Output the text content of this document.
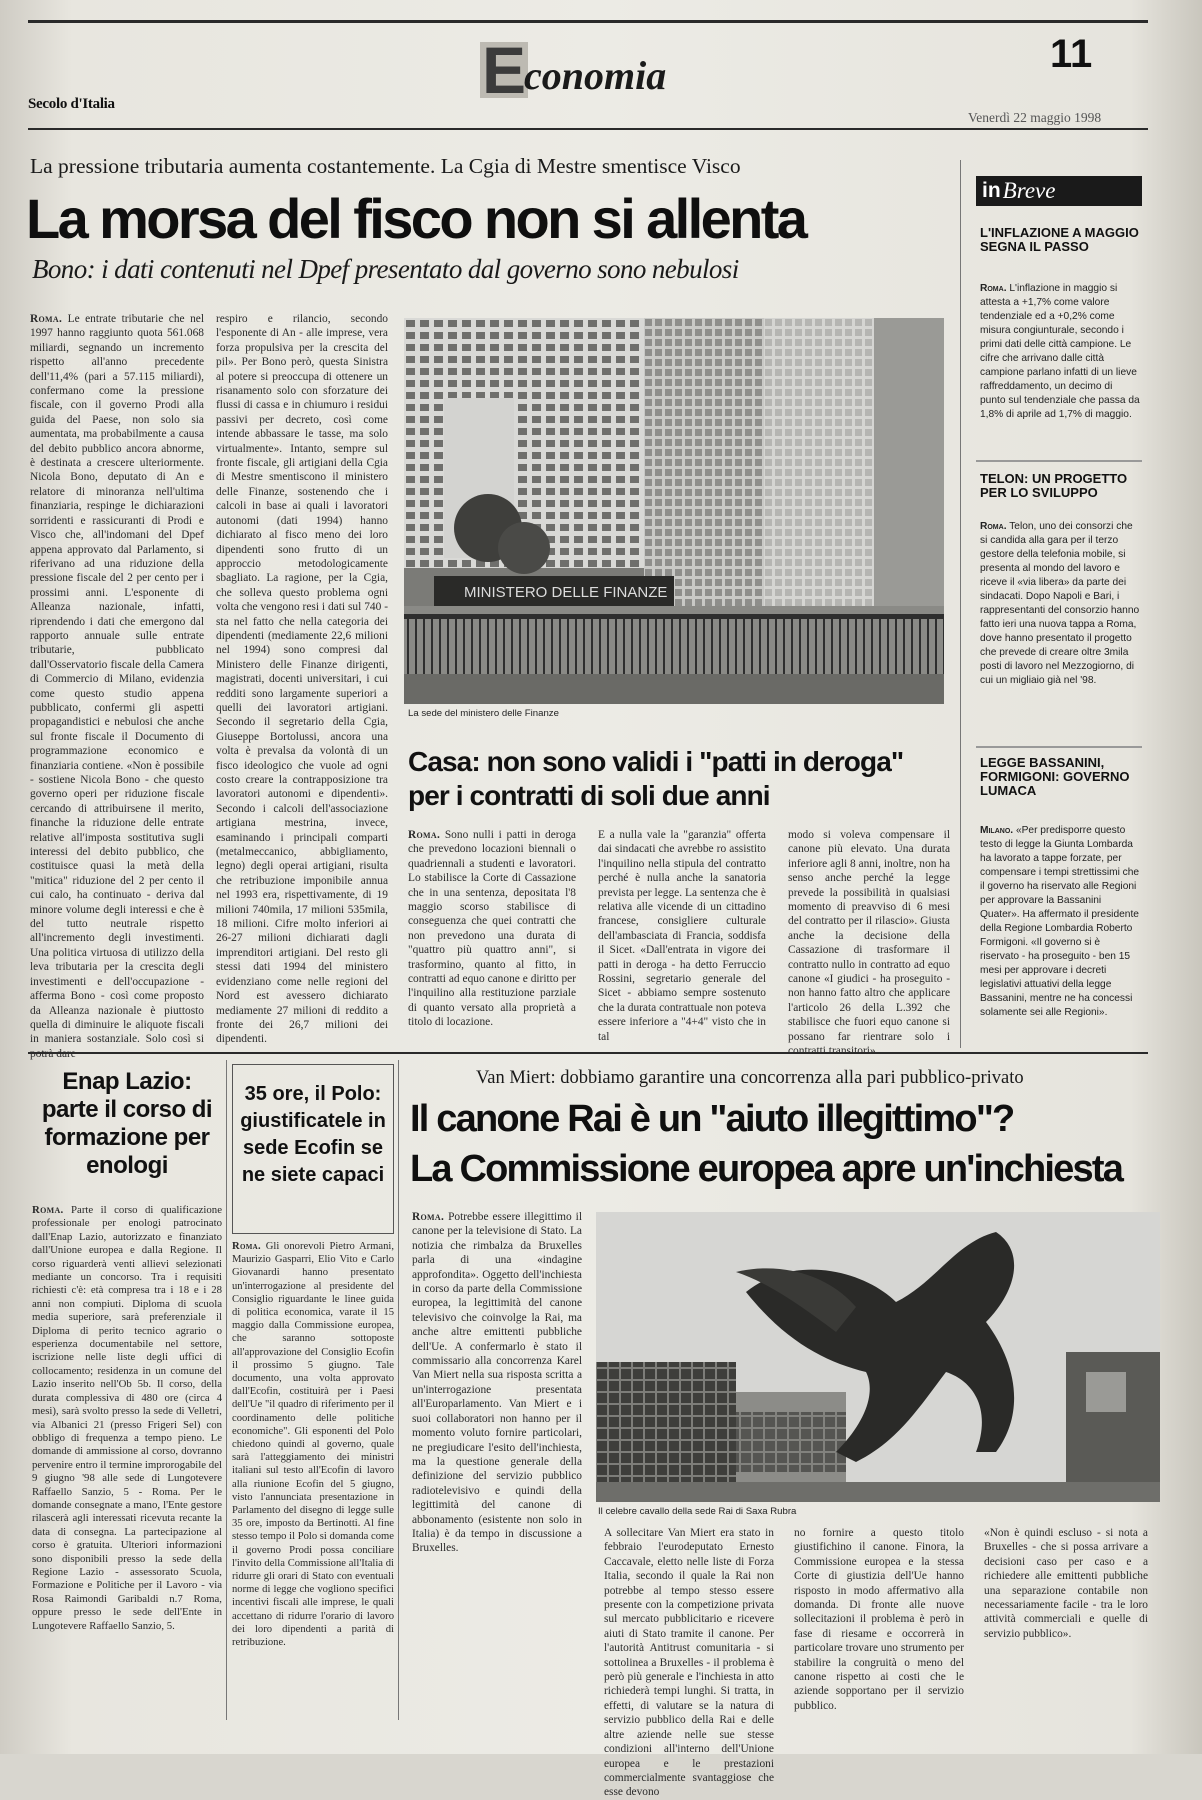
E
conomia	11
Secolo d'Italia
Venerdì 22 maggio 1998
La pressione tributaria aumenta costantemente. La Cgia di Mestre smentisce Visco
La morsa del fisco non si allenta
Bono: i dati contenuti nel Dpef presentato dal governo sono nebulosi

Roma. Le entrate tributarie che nel 1997 hanno raggiunto quota 561.068 miliardi, segnando un incremento rispetto all'anno precedente dell'11,4% (pari a 57.115 miliardi), confermano come la pressione fiscale, con il governo Prodi alla guida del Paese, non solo sia aumentata, ma probabilmente a causa del debito pubblico ancora abnorme, è destinata a crescere ulteriormente. Nicola Bono, deputato di An e relatore di minoranza nell'ultima finanziaria, respinge le dichiarazioni sorridenti e rassicuranti di Prodi e Visco che, all'indomani del Dpef appena approvato dal Parlamento, si riferivano ad una riduzione della pressione fiscale del 2 per cento per i prossimi anni. L'esponente di Alleanza nazionale, infatti, riprendendo i dati che emergono dal rapporto annuale sulle entrate tributarie, pubblicato dall'Osservatorio fiscale della Camera di Commercio di Milano, evidenzia come questo studio appena pubblicato, confermi gli aspetti propagandistici e nebulosi che anche sul fronte fiscale il Documento di programmazione economico e finanziaria contiene. «Non è possibile - sostiene Nicola Bono - che questo governo operi per riduzione fiscale cercando di attribuirsene il merito, finanche la riduzione delle entrate relative all'imposta sostitutiva sugli interessi del debito pubblico, che costituisce quasi la metà della "mitica" riduzione del 2 per cento il cui calo, ha continuato - deriva dal minore volume degli interessi e che è del tutto neutrale rispetto all'incremento degli investimenti. Una politica virtuosa di utilizzo della leva tributaria per la crescita degli investimenti e dell'occupazione - afferma Bono - così come proposto da Alleanza nazionale è piuttosto quella di diminuire le aliquote fiscali in maniera sostanziale. Solo così si

respiro e rilancio, secondo l'esponente di An - alle imprese, vera forza propulsiva per la crescita del pil». Per Bono però, questa Sinistra al potere si preoccupa di ottenere un risanamento solo con sforzature dei flussi di cassa e in chiumuro i residui passivi per decreto, così come intende abbassare le tasse, ma solo virtualmente». Intanto, sempre sul fronte fiscale, gli artigiani della Cgia di Mestre smentiscono il ministero delle Finanze, sostenendo che i calcoli in base ai quali i lavoratori autonomi (dati 1994) hanno dichiarato al fisco meno dei loro dipendenti sono frutto di un approccio metodologicamente sbagliato. La ragione, per la Cgia, che solleva questo problema ogni volta che vengono resi i dati sul 740 - sta nel fatto che nella categoria dei dipendenti (mediamente 22,6 milioni nel 1994) sono compresi dal Ministero delle Finanze dirigenti, magistrati, docenti universitari, i cui redditi sono largamente superiori a quelli dei lavoratori artigiani. Secondo il segretario della Cgia, Giuseppe Bortolussi, ancora una volta è prevalsa da volontà di un fisco ideologico che vuole ad ogni costo creare la contrapposizione tra lavoratori autonomi e dipendenti». Secondo i calcoli dell'associazione artigiana mestrina, invece, esaminando i principali comparti (metalmeccanico, abbigliamento, legno) degli operai artigiani, risulta che retribuzione imponibile annua nel 1993 era, rispettivamente, di 19 milioni 740mila, 17 milioni 535mila, 18 milioni. Cifre molto inferiori ai 26-27 milioni dichiarati dagli imprenditori artigiani. Del resto gli stessi dati 1994 del ministero evidenziano come nelle regioni del Nord est avessero dichiarato mediamente 27 milioni di reddito a fronte dei 26,7 milioni dei dipendenti.

MINISTERO DELLE FINANZE
La sede del ministero delle Finanze
in Breve
L'INFLAZIONE A MAGGIO SEGNA IL PASSO
Roma. L'inflazione in maggio si attesta a +1,7% come valore tendenziale ed a +0,2% come misura congiunturale, secondo i primi dati delle città campione. Le cifre che arrivano dalle città campione parlano infatti di un lieve raffreddamento, un decimo di punto sul tendenziale che passa da 1,8% di aprile ad 1,7% di maggio.
TELON: UN PROGETTO PER LO SVILUPPO
Roma. Telon, uno dei consorzi che si candida alla gara per il terzo gestore della telefonia mobile, si presenta al mondo del lavoro e riceve il «via libera» da parte dei sindacati. Dopo Napoli e Bari, i rappresentanti del consorzio hanno fatto ieri una nuova tappa a Roma, dove hanno presentato il progetto che prevede di creare oltre 3mila posti di lavoro nel Mezzogiorno, di cui un migliaio già nel '98.
LEGGE BASSANINI, FORMIGONI: GOVERNO LUMACA
Milano. «Per predisporre questo testo di legge la Giunta Lombarda ha lavorato a tappe forzate, per compensare i tempi strettissimi che il governo ha riservato alle Regioni per approvare la Bassanini Quater». Ha affermato il presidente della Regione Lombardia Roberto Formigoni. «Il governo si è riservato - ha proseguito - ben 15 mesi per approvare i decreti legislativi attuativi della legge Bassanini, mentre ne ha concessi solamente sei alle Regioni».
Casa: non sono validi i "patti in deroga"
per i contratti di soli due anni

Roma. Sono nulli i patti in deroga che prevedono locazioni biennali o quadriennali a studenti e lavoratori. Lo stabilisce la Corte di Cassazione che in una sentenza, depositata l'8 maggio scorso stabilisce di conseguenza che quei contratti che non prevedono una durata di "quattro più quattro anni", si trasformino, quanto al fitto, in contratti ad equo canone e diritto per l'inquilino alla restituzione parziale di quanto versato alla proprietà a titolo di locazione.

E a nulla vale la "garanzia" offerta dai sindacati che avrebbe ro assistito l'inquilino nella stipula del contratto perché è nulla anche la sanatoria prevista per legge. La sentenza che è relativa alle vicende di un cittadino francese, consigliere culturale dell'ambasciata di Francia, soddisfa il Sicet. «Dall'entrata in vigore dei patti in deroga - ha detto Ferruccio Rossini, segretario generale del Sicet - abbiamo sempre sostenuto che la durata contrattuale non poteva essere inferiore a "4+4" visto che in tal

modo si voleva compensare il canone più elevato. Una durata inferiore agli 8 anni, inoltre, non ha senso anche perché la legge prevede la possibilità in qualsiasi momento di preavviso di 6 mesi del contratto per il rilascio». Giusta anche la decisione della Cassazione di trasformare il contratto nullo in contratto ad equo canone «I giudici - ha proseguito - non hanno fatto altro che applicare l'articolo 26 della L.392 che stabilisce che fuori equo canone si possano far rientrare solo i

Enap Lazio: parte il corso di formazione per enologi

Roma. Parte il corso di qualificazione professionale per enologi patrocinato dall'Enap Lazio, autorizzato e finanziato dall'Unione europea e dalla Regione. Il corso riguarderà venti allievi selezionati mediante un concorso. Tra i requisiti richiesti c'è: età compresa tra i 18 e i 28 anni non compiuti. Diploma di scuola media superiore, sarà preferenziale il Diploma di perito tecnico agrario o esperienza documentabile nel settore, iscrizione nelle liste degli uffici di collocamento; residenza in un comune del Lazio inserito nell'Ob 5b. Il corso, della durata complessiva di 480 ore (circa 4 mesi), sarà svolto presso la sede di Velletri, via Albanici 21 (presso Frigeri Sel) con obbligo di frequenza a tempo pieno. Le domande di ammissione al corso, dovranno pervenire entro il termine improrogabile del 9 giugno '98 alle sede di Lungotevere Raffaello Sanzio, 5 - Roma. Per le domande consegnate a mano, l'Ente gestore rilascerà agli interessati ricevuta recante la data di consegna. La partecipazione al corso è gratuita. Ulteriori informazioni sono disponibili presso la sede della Regione Lazio - assessorato Scuola, Formazione e Politiche per il Lavoro - via Rosa Raimondi Garibaldi n.7 Roma, oppure presso le sede dell'Ente in Lungotevere Raffaello Sanzio, 5.

35 ore, il Polo: giustificatele in sede Ecofin se ne siete capaci

Roma. Gli onorevoli Pietro Armani, Maurizio Gasparri, Elio Vito e Carlo Giovanardi hanno presentato un'interrogazione al presidente del Consiglio riguardante le linee guida di politica economica, varate il 15 maggio dalla Commissione europea, che saranno sottoposte all'approvazione del Consiglio Ecofin il prossimo 5 giugno. Tale documento, una volta approvato dall'Ecofin, costituirà per i Paesi dell'Ue "il quadro di riferimento per il coordinamento delle politiche economiche". Gli esponenti del Polo chiedono quindi al governo, quale sarà l'atteggiamento dei ministri italiani sul testo all'Ecofin di lavoro alla riunione Ecofin del 5 giugno, visto l'annunciata presentazione in Parlamento del disegno di legge sulle 35 ore, imposto da Bertinotti. Al fine stesso tempo il Polo si domanda come il governo Prodi possa conciliare l'invito della Commissione all'Italia di ridurre gli orari di Stato con eventuali norme di legge che vogliono specifici incentivi fiscali alle imprese, le quali accettano di ridurre l'orario di lavoro dei loro dipendenti a parità di retribuzione.

Van Miert: dobbiamo garantire una concorrenza alla pari pubblico-privato
Il canone Rai è un "aiuto illegittimo"?
La Commissione europea apre un'inchiesta

Roma. Potrebbe essere illegittimo il canone per la televisione di Stato. La notizia che rimbalza da Bruxelles parla di una «indagine approfondita». Oggetto dell'inchiesta in corso da parte della Commissione europea, la legittimità del canone televisivo che coinvolge la Rai, ma anche altre emittenti pubbliche dell'Ue. A confermarlo è stato il commissario alla concorrenza Karel Van Miert nella sua risposta scritta a un'interrogazione presentata all'Europarlamento. Van Miert e i suoi collaboratori non hanno per il momento voluto fornire particolari, ne pregiudicare l'esito dell'inchiesta, ma la questione generale della definizione del servizio pubblico radiotelevisivo e quindi della legittimità del canone di abbonamento (esistente non solo in Italia) è da tempo in discussione a Bruxelles.

Il celebre cavallo della sede Rai di Saxa Rubra

A sollecitare Van Miert era stato in febbraio l'eurodeputato Ernesto Caccavale, eletto nelle liste di Forza Italia, secondo il quale la Rai non potrebbe al tempo stesso essere presente con la competizione privata sul mercato pubblicitario e ricevere aiuti di Stato tramite il canone. Per l'autorità Antitrust comunitaria - si sottolinea a Bruxelles - il problema è però più generale e l'inchiesta in atto richiederà tempi lunghi. Si tratta, in effetti, di valutare se la natura di servizio pubblico della Rai e delle altre aziende nelle sue stesse condizioni all'interno dell'Unione europea e le prestazioni commercialmente svantaggiose che esse devono

no fornire a questo titolo giustifichino il canone. Finora, la Commissione europea e la stessa Corte di giustizia dell'Ue hanno risposto in modo affermativo alla domanda. Di fronte alle nuove sollecitazioni il problema è però in fase di riesame e occorrerà in particolare trovare uno strumento per stabilire la congruità o meno del canone rispetto ai costi che le aziende sopportano per il servizio pubblico.

«Non è quindi escluso - si nota a Bruxelles - che si possa arrivare a decisioni caso per caso e a richiedere alle emittenti pubbliche una separazione contabile non necessariamente facile - tra le loro attività commerciali e quelle di servizio pubblico».
